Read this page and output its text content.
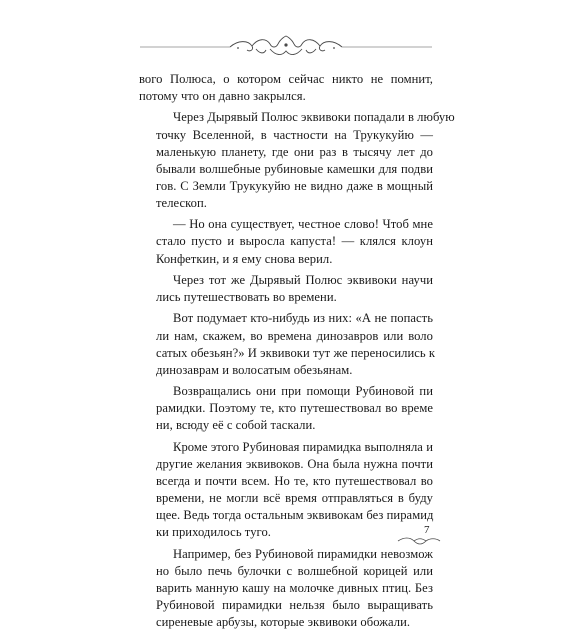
вого Полюса, о котором сейчас никто не помнит,
потому что он давно закрылся.

Через Дырявый Полюс эквивоки попадали в любую
точку Вселенной, в частности на Трукукуйю —
маленькую планету, где они раз в тысячу лет до
бывали волшебные рубиновые камешки для подви
гов. С Земли Трукукуйю не видно даже в мощный
телескоп.

— Но она существует, честное слово! Чтоб мне
стало пусто и выросла капуста! — клялся клоун
Конфеткин, и я ему снова верил.

Через тот же Дырявый Полюс эквивоки научи
лись путешествовать во времени.

Вот подумает кто-нибудь из них: «А не попасть
ли нам, скажем, во времена динозавров или воло
сатых обезьян?» И эквивоки тут же переносились к
динозаврам и волосатым обезьянам.

Возвращались они при помощи Рубиновой пи
рамидки. Поэтому те, кто путешествовал во време
ни, всюду её с собой таскали.

Кроме этого Рубиновая пирамидка выполняла и
другие желания эквивоков. Она была нужна почти
всегда и почти всем. Но те, кто путешествовал во
времени, не могли всё время отправляться в буду
щее. Ведь тогда остальным эквивокам без пирамид
ки приходилось туго.

Например, без Рубиновой пирамидки невозмож
но было печь булочки с волшебной корицей или
варить манную кашу на молочке дивных птиц. Без
Рубиновой пирамидки нельзя было выращивать
сиреневые арбузы, которые эквивоки обожали.

7
